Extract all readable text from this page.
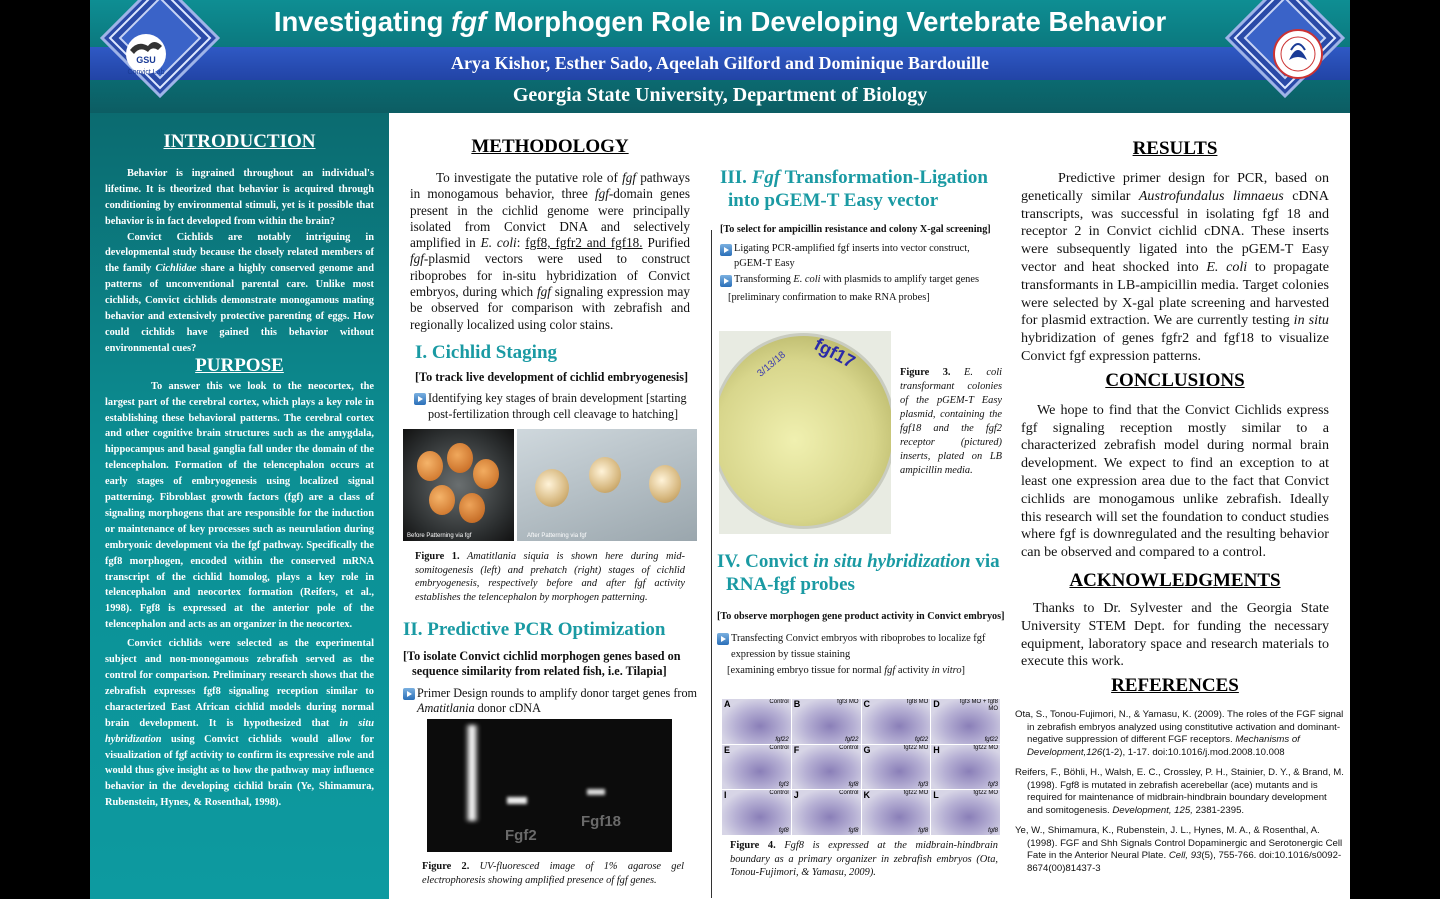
Investigating fgf Morphogen Role in Developing Vertebrate Behavior
Arya Kishor, Esther Sado, Aqeelah Gilford and Dominique Bardouille
Georgia State University, Department of Biology
GSU
Convict Lab
INTRODUCTION

Behavior is ingrained throughout an individual's lifetime. It is theorized that behavior is acquired through conditioning by environmental stimuli, yet is it possible that behavior is in fact developed from within the brain?

Convict Cichlids are notably intriguing in developmental study because the closely related members of the family Cichlidae share a highly conserved genome and patterns of unconventional parental care. Unlike most cichlids, Convict cichlids demonstrate monogamous mating behavior and extensively protective parenting of eggs. How could cichlids have gained this behavior without environmental cues?

PURPOSE

To answer this we look to the neocortex, the largest part of the cerebral cortex, which plays a key role in establishing these behavioral patterns. The cerebral cortex and other cognitive brain structures such as the amygdala, hippocampus and basal ganglia fall under the domain of the telencephalon. Formation of the telencephalon occurs at early stages of embryogenesis using localized signal patterning. Fibroblast growth factors (fgf) are a class of signaling morphogens that are responsible for the induction or maintenance of key processes such as neurulation during embryonic development via the fgf pathway. Specifically the fgf8 morphogen, encoded within the conserved mRNA transcript of the cichlid homolog, plays a key role in telencephalon and neocortex formation (Reifers, et al., 1998). Fgf8 is expressed at the anterior pole of the telencephalon and acts as an organizer in the neocortex.

Convict cichlids were selected as the experimental subject and non-monogamous zebrafish served as the control for comparison. Preliminary research shows that the zebrafish expresses fgf8 signaling reception similar to characterized East African cichlid models during normal brain development. It is hypothesized that in situ hybridization using Convict cichlids would allow for visualization of fgf activity to confirm its expressive role and would thus give insight as to how the pathway may influence behavior in the developing cichlid brain (Ye, Shimamura, Rubenstein, Hynes, & Rosenthal, 1998).

METHODOLOGY

To investigate the putative role of fgf pathways in monogamous behavior, three fgf-domain genes present in the cichlid genome were principally isolated from Convict DNA and selectively amplified in E. coli: fgf8, fgfr2 and fgf18. Purified fgf-plasmid vectors were used to construct riboprobes for in-situ hybridization of Convict embryos, during which fgf signaling expression may be observed for comparison with zebrafish and regionally localized using color stains.

I. Cichlid Staging
[To track live development of cichlid embryogenesis]
Identifying key stages of brain development [starting post-fertilization through cell cleavage to hatching]
Before Patterning via fgf	After Patterning via fgf
Figure 1. Amatitlania siquia is shown here during mid-somitogenesis (left) and prehatch (right) stages of cichlid embryogenesis, respectively before and after fgf activity establishes the telencephalon by morphogen patterning.
II. Predictive PCR Optimization
[To isolate Convict cichlid morphogen genes based on sequence similarity from related fish, i.e. Tilapia]
Primer Design rounds to amplify donor target genes from Amatitlania donor cDNA
Fgf2
Fgf18
Figure 2. UV-fluoresced image of 1% agarose gel electrophoresis showing amplified presence of fgf genes.
III. Fgf Transformation-Ligation into pGEM-T Easy vector
[To select for ampicillin resistance and colony X-gal screening]
Ligating PCR-amplified fgf inserts into vector construct, pGEM-T Easy
Transforming E. coli with plasmids to amplify target genes
[preliminary confirmation to make RNA probes]
fgf17
3/13/18	Figure 3. E. coli transformant colonies of the pGEM-T Easy plasmid, containing the fgf18 and the fgf2 receptor (pictured) inserts, plated on LB ampicillin media.
IV. Convict in situ hybridization via RNA-fgf probes
[To observe morphogen gene product activity in Convict embryos]
Transfecting Convict embryos with riboprobes to localize fgf expression by tissue staining
[examining embryo tissue for normal fgf activity in vitro]
A	Control
fgf22
B	fgf3 MO
fgf22
C	fgf8 MO
fgf22
D	fgf3 MO + fgf8 MO
fgf22
E	Control
fgf3
F	Control
fgf8
G	fgf22 MO
fgf3
H	fgf22 MO
fgf3
I	Control
fgf8
J	Control
fgf8
K	fgf22 MO
fgf8
L	fgf22 MO
fgf8
Figure 4. Fgf8 is expressed at the midbrain-hindbrain boundary as a primary organizer in zebrafish embryos (Ota, Tonou-Fujimori, & Yamasu, 2009).
RESULTS

Predictive primer design for PCR, based on genetically similar Austrofundalus limnaeus cDNA transcripts, was successful in isolating fgf 18 and receptor 2 in Convict cichlid cDNA. These inserts were subsequently ligated into the pGEM-T Easy vector and heat shocked into E. coli to propagate transformants in LB-ampicillin media. Target colonies were selected by X-gal plate screening and harvested for plasmid extraction. We are currently testing in situ hybridization of genes fgfr2 and fgf18 to visualize Convict fgf expression patterns.

CONCLUSIONS

We hope to find that the Convict Cichlids express fgf signaling reception mostly similar to a characterized zebrafish model during normal brain development. We expect to find an exception to at least one expression area due to the fact that Convict cichlids are monogamous unlike zebrafish. Ideally this research will set the foundation to conduct studies where fgf is downregulated and the resulting behavior can be observed and compared to a control.

ACKNOWLEDGMENTS

Thanks to Dr. Sylvester and the Georgia State University STEM Dept. for funding the necessary equipment, laboratory space and research materials to execute this work.

REFERENCES

Ota, S., Tonou-Fujimori, N., & Yamasu, K. (2009). The roles of the FGF signal in zebrafish embryos analyzed using constitutive activation and dominant-negative suppression of different FGF receptors. Mechanisms of Development,126(1-2), 1-17. doi:10.1016/j.mod.2008.10.008

Reifers, F., Böhli, H., Walsh, E. C., Crossley, P. H., Stainier, D. Y., & Brand, M. (1998). Fgf8 is mutated in zebrafish acerebellar (ace) mutants and is required for maintenance of midbrain-hindbrain boundary development and somitogenesis. Development, 125, 2381-2395.

Ye, W., Shimamura, K., Rubenstein, J. L., Hynes, M. A., & Rosenthal, A. (1998). FGF and Shh Signals Control Dopaminergic and Serotonergic Cell Fate in the Anterior Neural Plate. Cell, 93(5), 755-766. doi:10.1016/s0092-8674(00)81437-3
